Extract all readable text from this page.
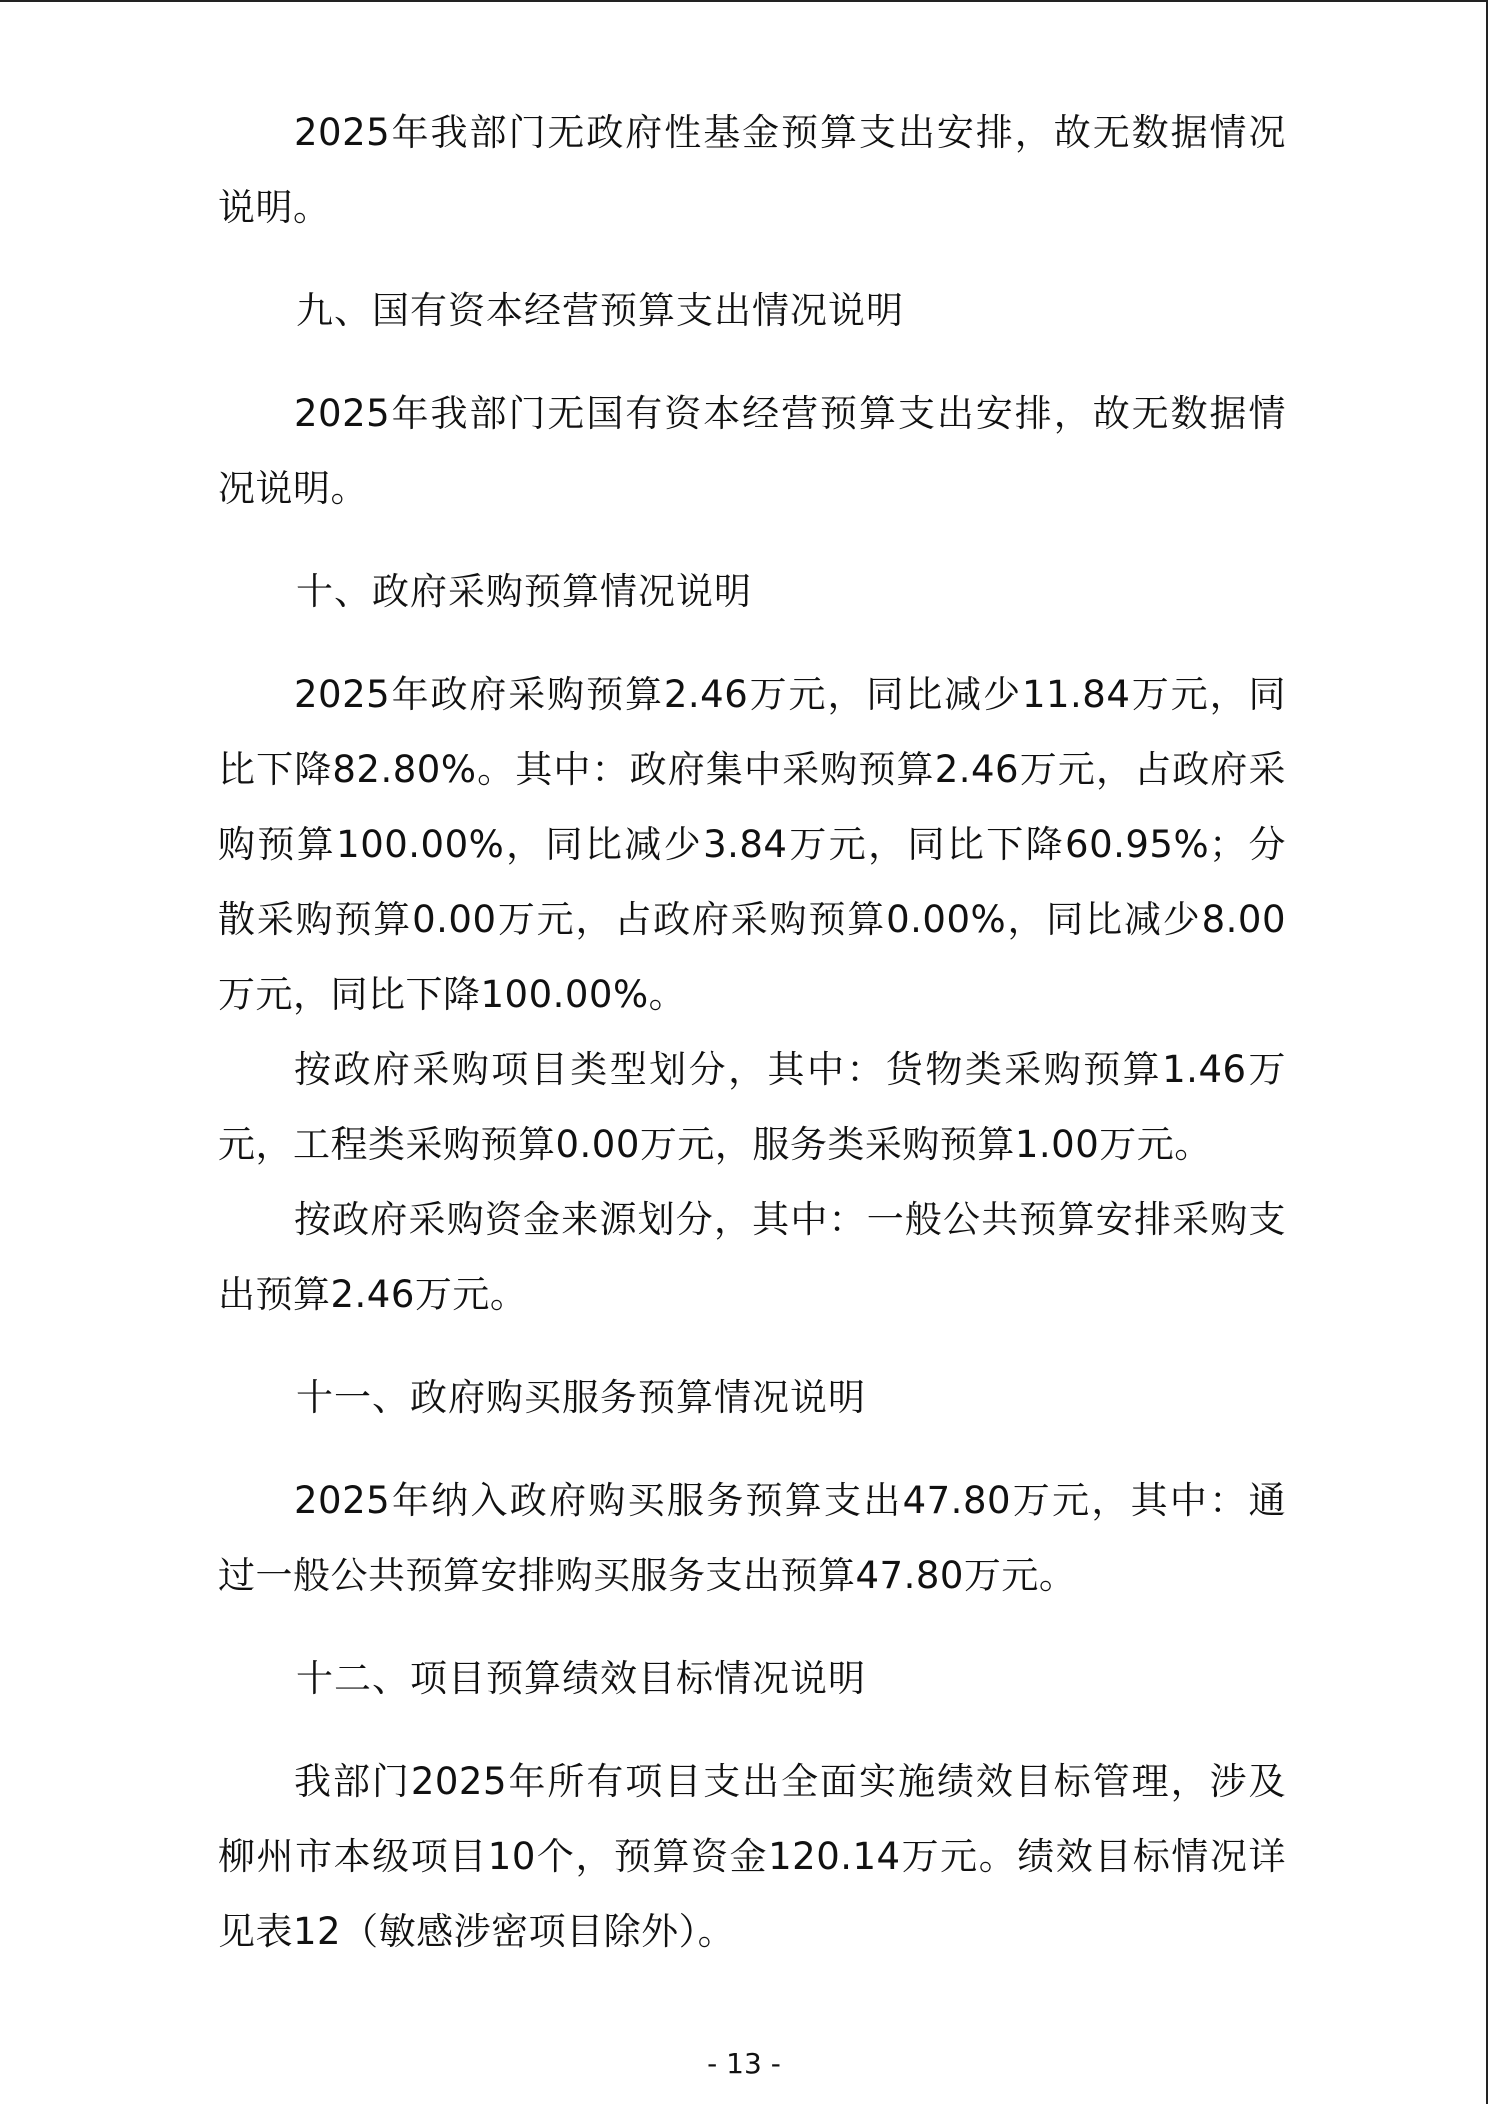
2025年我部门无政府性基金预算支出安排，故无数据情况说明。

九、国有资本经营预算支出情况说明

2025年我部门无国有资本经营预算支出安排，故无数据情况说明。

十、政府采购预算情况说明

2025年政府采购预算2.46万元，同比减少11.84万元，同比下降82.80%。其中：政府集中采购预算2.46万元，占政府采购预算100.00%，同比减少3.84万元，同比下降60.95%；分散采购预算0.00万元，占政府采购预算0.00%，同比减少8.00万元，同比下降100.00%。

按政府采购项目类型划分，其中：货物类采购预算1.46万元，工程类采购预算0.00万元，服务类采购预算1.00万元。

按政府采购资金来源划分，其中：一般公共预算安排采购支出预算2.46万元。

十一、政府购买服务预算情况说明

2025年纳入政府购买服务预算支出47.80万元，其中：通过一般公共预算安排购买服务支出预算47.80万元。

十二、项目预算绩效目标情况说明

我部门2025年所有项目支出全面实施绩效目标管理，涉及柳州市本级项目10个，预算资金120.14万元。绩效目标情况详见表12（敏感涉密项目除外）。

- 13 -
